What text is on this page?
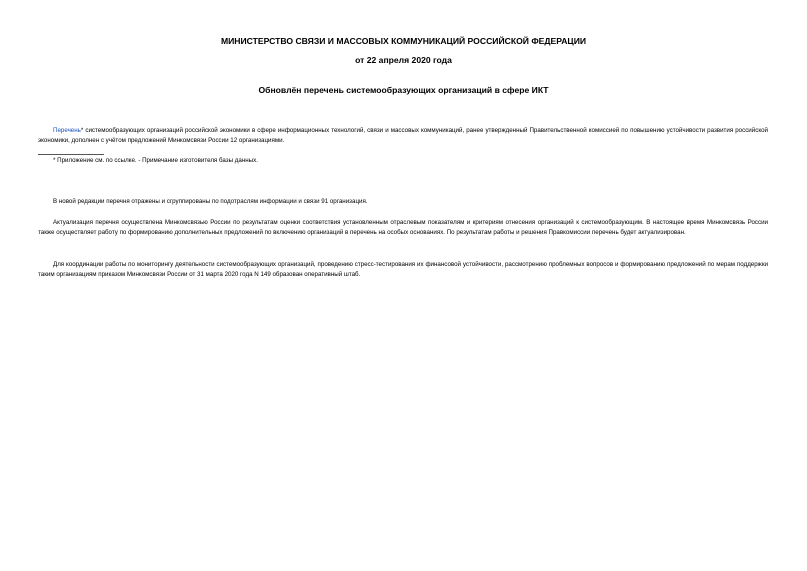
МИНИСТЕРСТВО СВЯЗИ И МАССОВЫХ КОММУНИКАЦИЙ РОССИЙСКОЙ ФЕДЕРАЦИИ
от 22 апреля 2020 года
Обновлён перечень системообразующих организаций в сфере ИКТ

Перечень* системообразующих организаций российской экономики в сфере информационных технологий, связи и массовых коммуникаций, ранее утвержденный Правительственной комиссией по повышению устойчивости развития российской экономики, дополнен с учётом предложений Минкомсвязи России 12 организациями.

* Приложение см. по ссылке. - Примечание изготовителя базы данных.

В новой редакции перечня отражены и сгруппированы по подотраслям информации и связи 91 организация.

Актуализация перечня осуществлена Минкомсвязью России по результатам оценки соответствия установленным отраслевым показателям и критериям отнесения организаций к системообразующим. В настоящее время Минкомсвязь России также осуществляет работу по формированию дополнительных предложений по включению организаций в перечень на особых основаниях. По результатам работы и решения Правкомиссии перечень будет актуализирован.

Для координации работы по мониторингу деятельности системообразующих организаций, проведению стресс-тестирования их финансовой устойчивости, рассмотрению проблемных вопросов и формированию предложений по мерам поддержки таким организациям приказом Минкомсвязи России от 31 марта 2020 года N 149 образован оперативный штаб.
